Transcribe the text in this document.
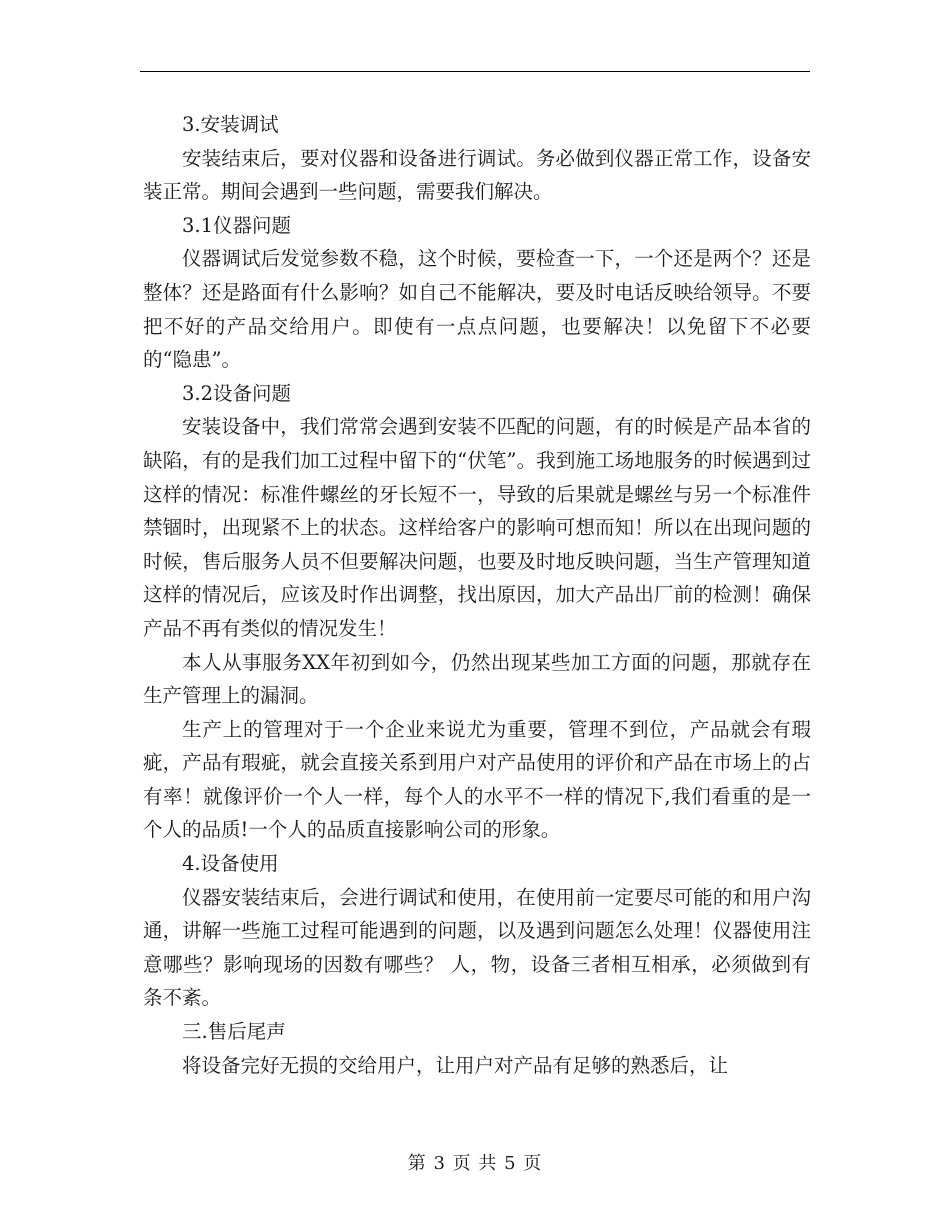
3.安装调试

安装结束后，要对仪器和设备进行调试。务必做到仪器正常工作，设备安装正常。期间会遇到一些问题，需要我们解决。

3.1仪器问题

仪器调试后发觉参数不稳，这个时候，要检查一下，一个还是两个？还是整体？还是路面有什么影响？如自己不能解决，要及时电话反映给领导。不要把不好的产品交给用户。即使有一点点问题，也要解决！以免留下不必要的“隐患”。

3.2设备问题

安装设备中，我们常常会遇到安装不匹配的问题，有的时候是产品本省的缺陷，有的是我们加工过程中留下的“伏笔”。我到施工场地服务的时候遇到过这样的情况：标准件螺丝的牙长短不一，导致的后果就是螺丝与另一个标准件禁锢时，出现紧不上的状态。这样给客户的影响可想而知！所以在出现问题的时候，售后服务人员不但要解决问题，也要及时地反映问题，当生产管理知道这样的情况后，应该及时作出调整，找出原因，加大产品出厂前的检测！确保产品不再有类似的情况发生！

本人从事服务XX年初到如今，仍然出现某些加工方面的问题，那就存在生产管理上的漏洞。

生产上的管理对于一个企业来说尤为重要，管理不到位，产品就会有瑕疵，产品有瑕疵，就会直接关系到用户对产品使用的评价和产品在市场上的占有率！就像评价一个人一样，每个人的水平不一样的情况下,我们看重的是一个人的品质!一个人的品质直接影响公司的形象。

4.设备使用

仪器安装结束后，会进行调试和使用，在使用前一定要尽可能的和用户沟通，讲解一些施工过程可能遇到的问题，以及遇到问题怎么处理！仪器使用注意哪些？影响现场的因数有哪些？ 人，物，设备三者相互相承，必须做到有条不紊。

三.售后尾声

将设备完好无损的交给用户，让用户对产品有足够的熟悉后，让

第 3 页 共 5 页
